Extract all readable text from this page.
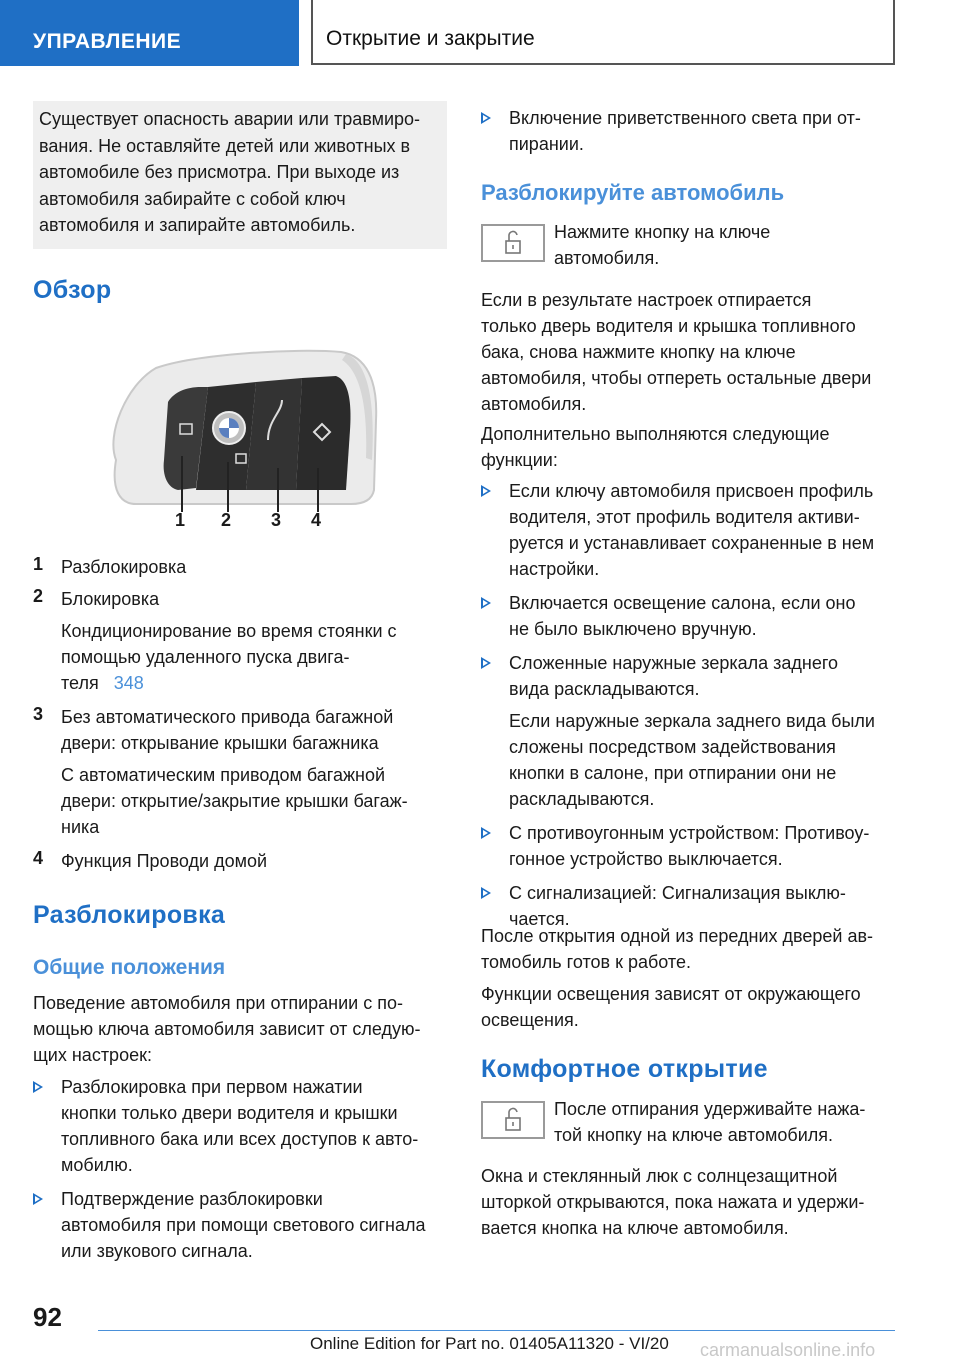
УПРАВЛЕНИЕ	Открытие и закрытие
Существует опасность аварии или травмиро-
вания. Не оставляйте детей или животных в
автомобиле без присмотра. При выходе из
автомобиля забирайте с собой ключ
автомобиля и запирайте автомобиль.
Обзор
1 2 3 4
1 Разблокировка
2 Блокировка
Кондиционирование во время стоянки с
помощью удаленного пуска двига-
теля 348
3 Без автоматического привода багажной
двери: открывание крышки багажника
С автоматическим приводом багажной
двери: открытие/закрытие крышки багаж-
ника
4 Функция Проводи домой
Разблокировка
Общие положения
Поведение автомобиля при отпирании с по-
мощью ключа автомобиля зависит от следую-
щих настроек:
Разблокировка при первом нажатии
кнопки только двери водителя и крышки
топливного бака или всех доступов к авто-
мобилю.
Подтверждение разблокировки
автомобиля при помощи светового сигнала
или звукового сигнала.
Включение приветственного света при от-
пирании.
Разблокируйте автомобиль
Нажмите кнопку на ключе
автомобиля.
Если в результате настроек отпирается
только дверь водителя и крышка топливного
бака, снова нажмите кнопку на ключе
автомобиля, чтобы отпереть остальные двери
автомобиля.
Дополнительно выполняются следующие
функции:
Если ключу автомобиля присвоен профиль
водителя, этот профиль водителя активи-
руется и устанавливает сохраненные в нем
настройки.
Включается освещение салона, если оно
не было выключено вручную.
Сложенные наружные зеркала заднего
вида раскладываются.
Если наружные зеркала заднего вида были
сложены посредством задействования
кнопки в салоне, при отпирании они не
раскладываются.
С противоугонным устройством: Противоу-
гонное устройство выключается.
С сигнализацией: Сигнализация выклю-
чается.
После открытия одной из передних дверей ав-
томобиль готов к работе.
Функции освещения зависят от окружающего
освещения.
Комфортное открытие
После отпирания удерживайте нажа-
той кнопку на ключе автомобиля.
Окна и стеклянный люк с солнцезащитной
шторкой открываются, пока нажата и удержи-
вается кнопка на ключе автомобиля.
92
Online Edition for Part no. 01405A11320 - VI/20 carmanualsonline.info
